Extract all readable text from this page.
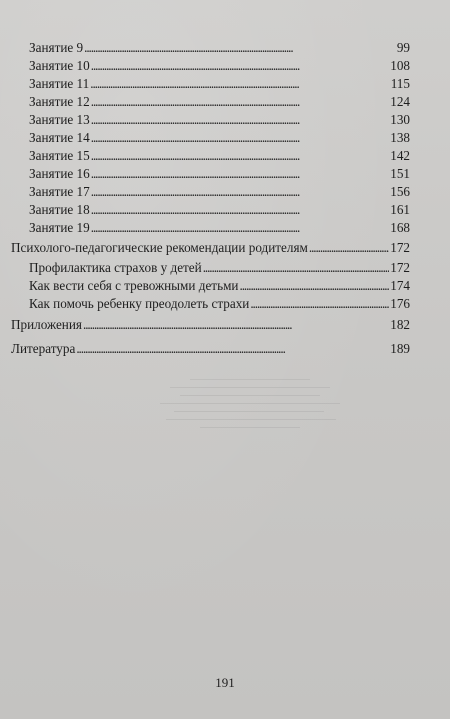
Занятие 9 . . .	99
Занятие 10 . . .	108
Занятие 11 . . .	115
Занятие 12 . . .	124
Занятие 13 . . .	130
Занятие 14 . . .	138
Занятие 15 . . .	142
Занятие 16 . . .	151
Занятие 17 . . .	156
Занятие 18 . . .	161
Занятие 19 . . .	168
Психолого-педагогические рекомендации родителям . . .	172
Профилактика страхов у детей . . .	172
Как вести себя с тревожными детьми . . .	174
Как помочь ребенку преодолеть страхи . . .	176
Приложения . . .	182
Литература . . .	189
191
